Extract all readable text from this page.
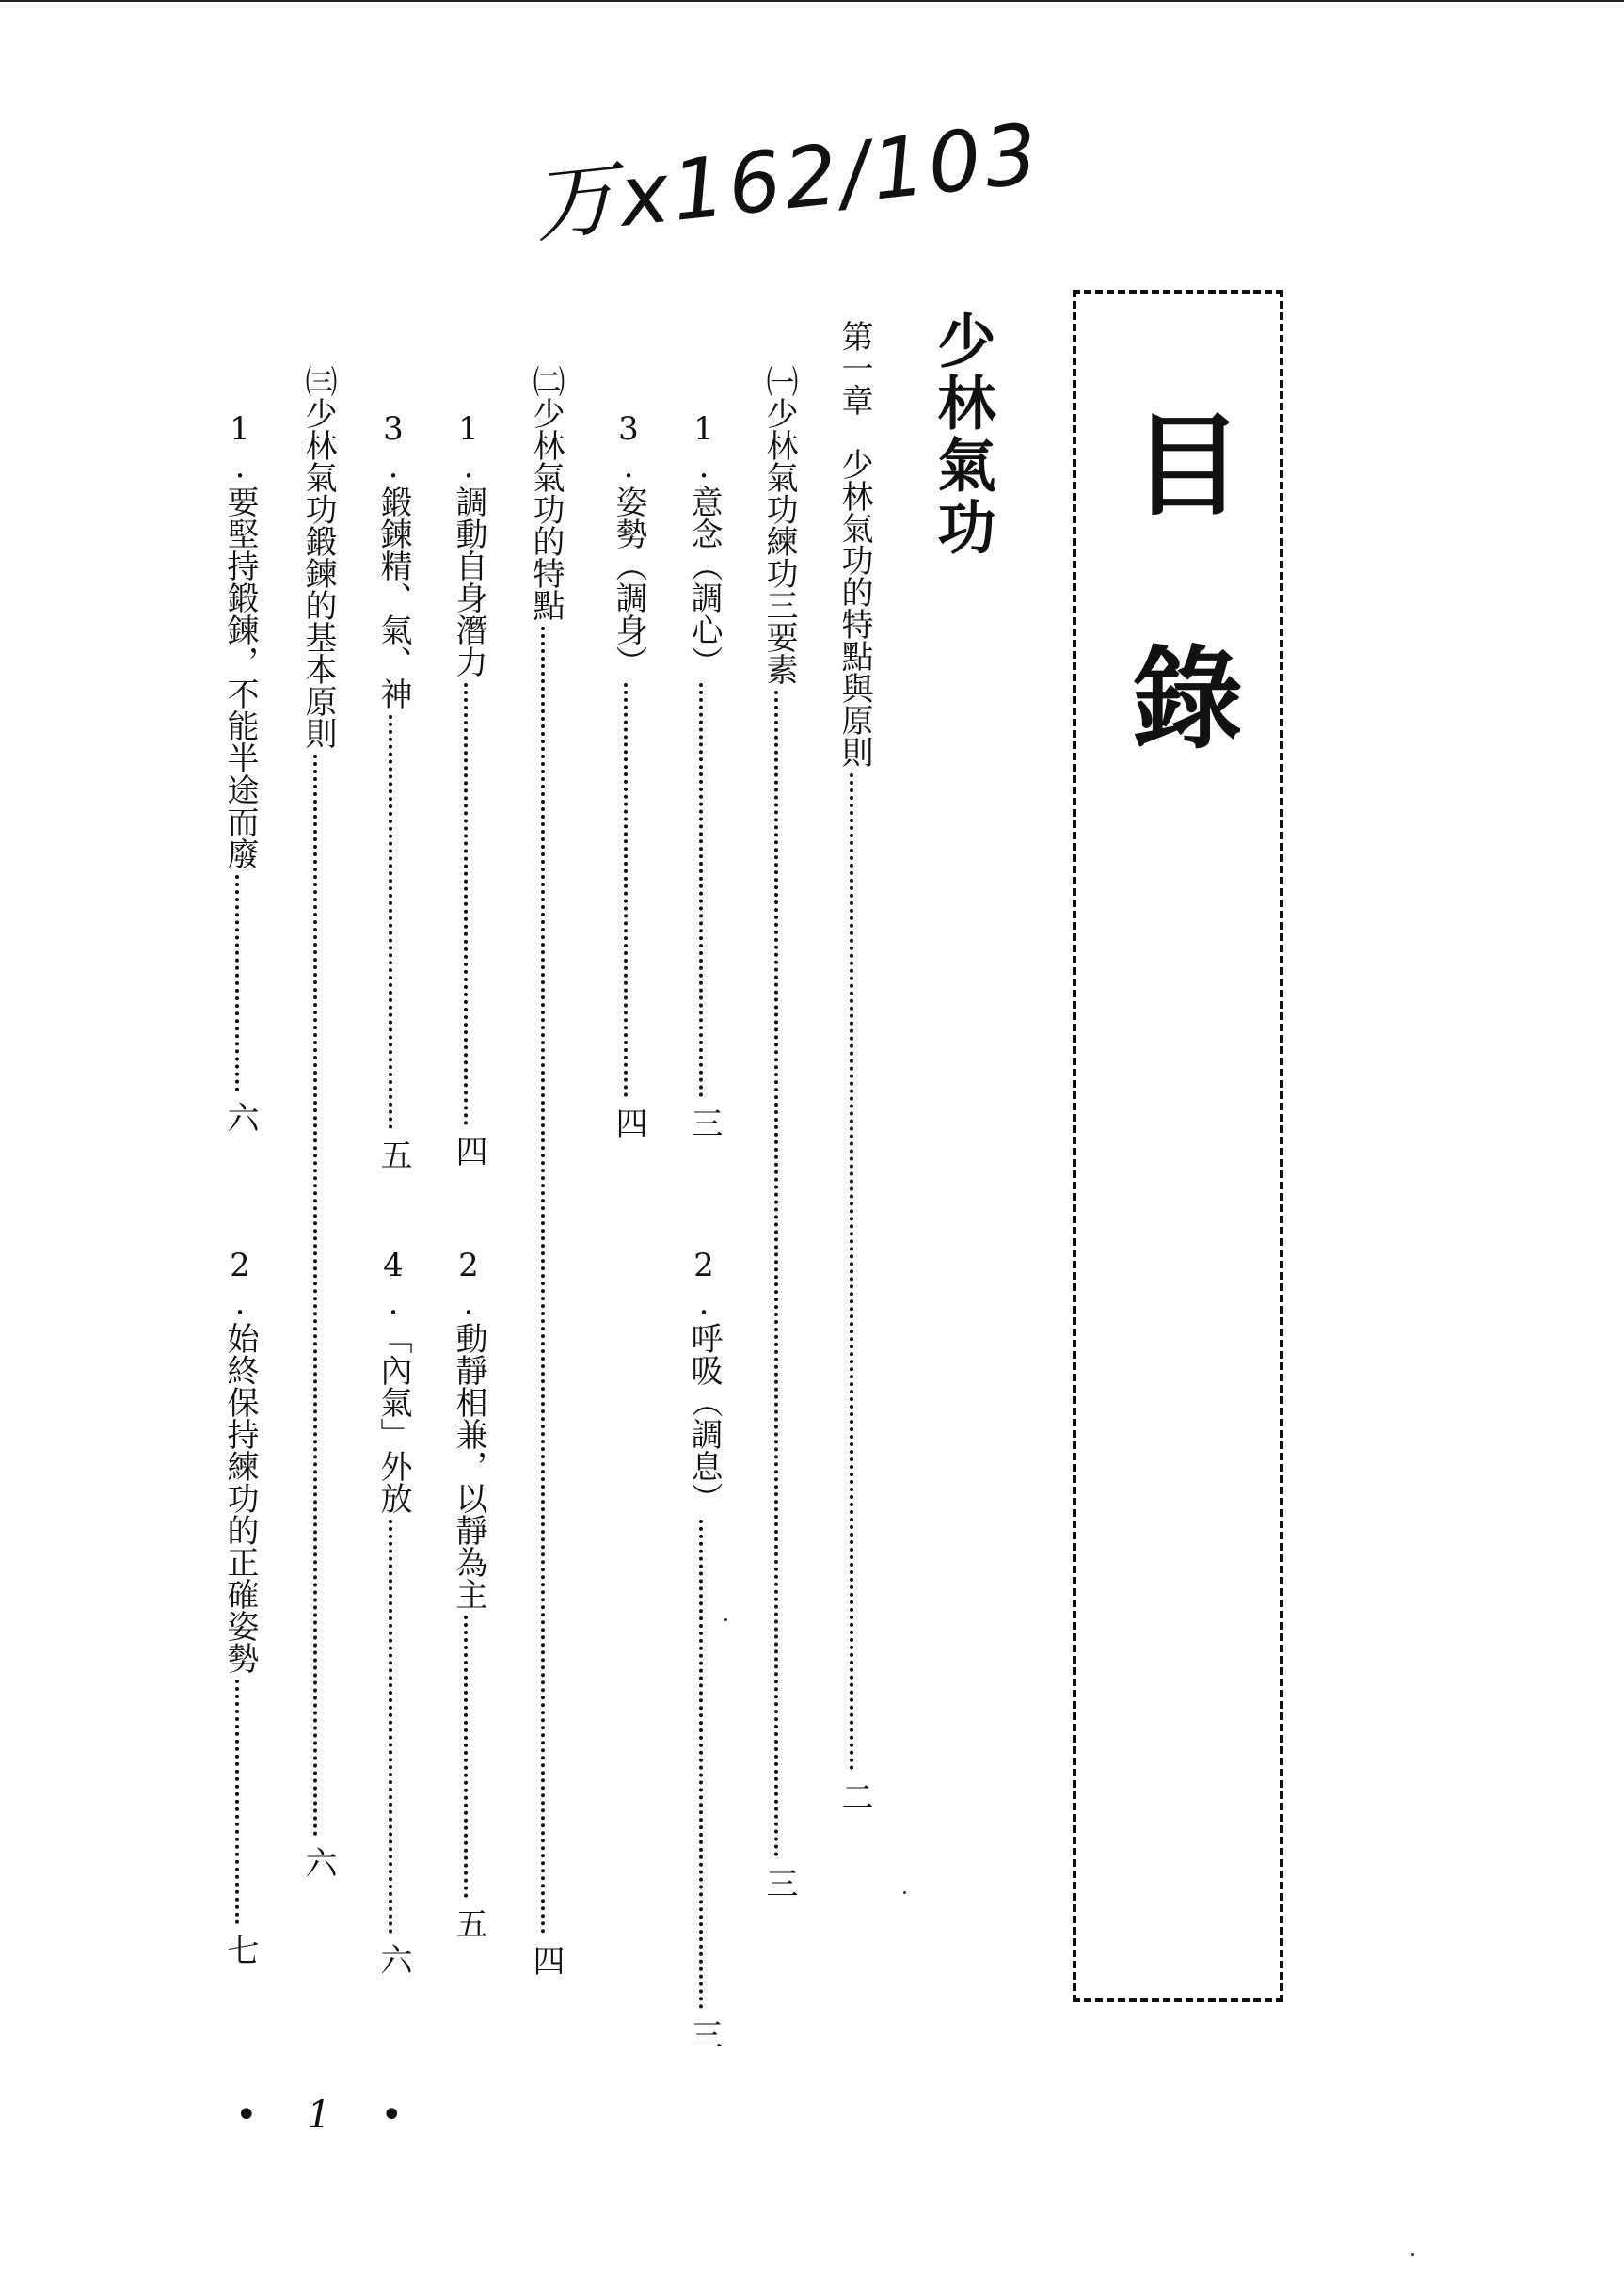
万x162/103
目錄
少林氣功
第一章　少林氣功的特點與原則二
㈠少林氣功練功三要素三
1.意念（調心）三
2.呼吸（調息）三
3.姿勢（調身）四
㈡少林氣功的特點四
1.調動自身潛力四
2.動靜相兼，以靜為主五
3.鍛鍊精、氣、神五
4.「內氣」外放六
㈢少林氣功鍛鍊的基本原則六
1.要堅持鍛鍊，不能半途而廢六
2.始終保持練功的正確姿勢七
• 1 •
